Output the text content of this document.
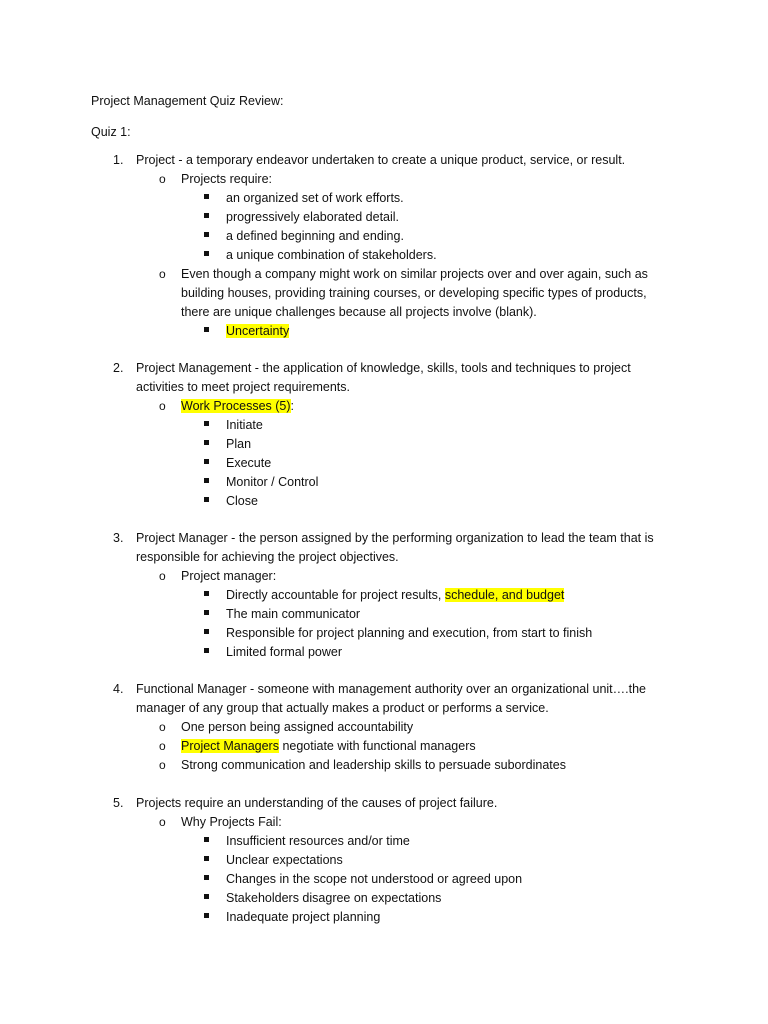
Project Management Quiz Review:
Quiz 1:
1. Project - a temporary endeavor undertaken to create a unique product, service, or result.
o Projects require:
an organized set of work efforts.
progressively elaborated detail.
a defined beginning and ending.
a unique combination of stakeholders.
o Even though a company might work on similar projects over and over again, such as
building houses, providing training courses, or developing specific types of products,
there are unique challenges because all projects involve (blank).
Uncertainty
2. Project Management - the application of knowledge, skills, tools and techniques to project
activities to meet project requirements.
o Work Processes (5):
Initiate
Plan
Execute
Monitor / Control
Close
3. Project Manager - the person assigned by the performing organization to lead the team that is
responsible for achieving the project objectives.
o Project manager:
Directly accountable for project results, schedule, and budget
The main communicator
Responsible for project planning and execution, from start to finish
Limited formal power
4. Functional Manager - someone with management authority over an organizational unit….the
manager of any group that actually makes a product or performs a service.
o One person being assigned accountability
o Project Managers negotiate with functional managers
o Strong communication and leadership skills to persuade subordinates
5. Projects require an understanding of the causes of project failure.
o Why Projects Fail:
Insufficient resources and/or time
Unclear expectations
Changes in the scope not understood or agreed upon
Stakeholders disagree on expectations
Inadequate project planning
